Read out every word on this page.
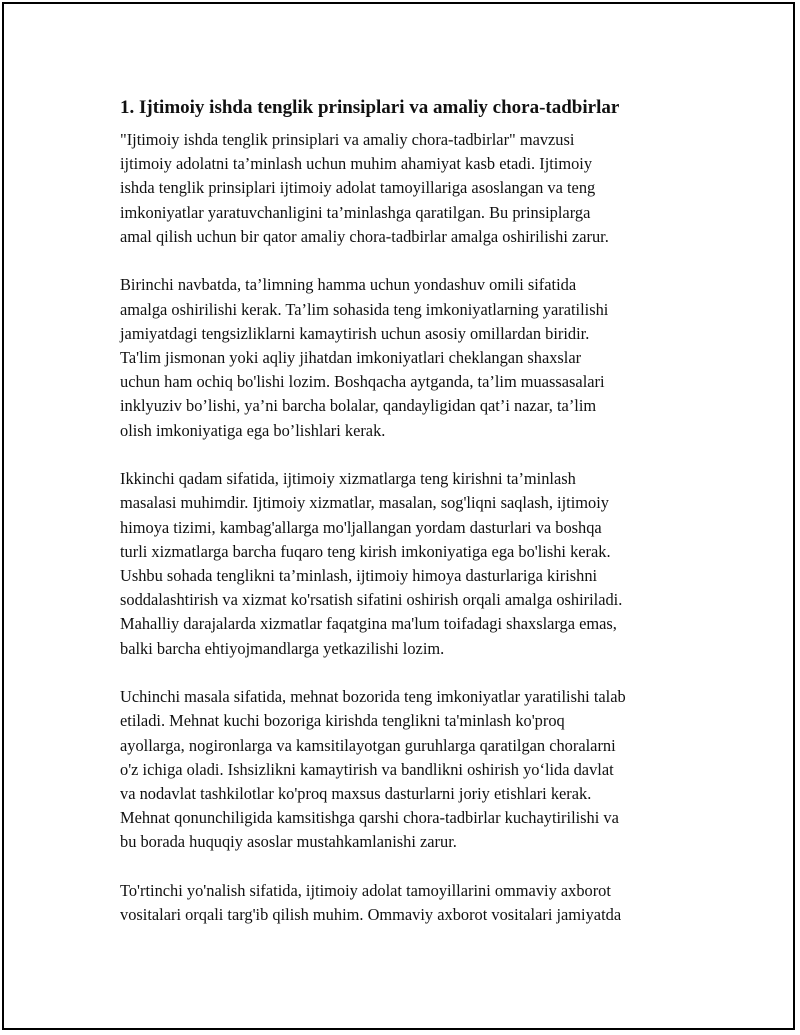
1. Ijtimoiy ishda tenglik prinsiplari va amaliy chora-tadbirlar

"Ijtimoiy ishda tenglik prinsiplari va amaliy chora-tadbirlar" mavzusi
ijtimoiy adolatni ta’minlash uchun muhim ahamiyat kasb etadi. Ijtimoiy
ishda tenglik prinsiplari ijtimoiy adolat tamoyillariga asoslangan va teng
imkoniyatlar yaratuvchanligini ta’minlashga qaratilgan. Bu prinsiplarga
amal qilish uchun bir qator amaliy chora-tadbirlar amalga oshirilishi zarur.

Birinchi navbatda, ta’limning hamma uchun yondashuv omili sifatida
amalga oshirilishi kerak. Ta’lim sohasida teng imkoniyatlarning yaratilishi
jamiyatdagi tengsizliklarni kamaytirish uchun asosiy omillardan biridir.
Ta'lim jismonan yoki aqliy jihatdan imkoniyatlari cheklangan shaxslar
uchun ham ochiq bo'lishi lozim. Boshqacha aytganda, ta’lim muassasalari
inklyuziv bo’lishi, ya’ni barcha bolalar, qandayligidan qat’i nazar, ta’lim
olish imkoniyatiga ega bo’lishlari kerak.

Ikkinchi qadam sifatida, ijtimoiy xizmatlarga teng kirishni ta’minlash
masalasi muhimdir. Ijtimoiy xizmatlar, masalan, sog'liqni saqlash, ijtimoiy
himoya tizimi, kambag'allarga mo'ljallangan yordam dasturlari va boshqa
turli xizmatlarga barcha fuqaro teng kirish imkoniyatiga ega bo'lishi kerak.
Ushbu sohada tenglikni ta’minlash, ijtimoiy himoya dasturlariga kirishni
soddalashtirish va xizmat ko'rsatish sifatini oshirish orqali amalga oshiriladi.
Mahalliy darajalarda xizmatlar faqatgina ma'lum toifadagi shaxslarga emas,
balki barcha ehtiyojmandlarga yetkazilishi lozim.

Uchinchi masala sifatida, mehnat bozorida teng imkoniyatlar yaratilishi talab
etiladi. Mehnat kuchi bozoriga kirishda tenglikni ta'minlash ko'proq
ayollarga, nogironlarga va kamsitilayotgan guruhlarga qaratilgan choralarni
o'z ichiga oladi. Ishsizlikni kamaytirish va bandlikni oshirish yo‘lida davlat
va nodavlat tashkilotlar ko'proq maxsus dasturlarni joriy etishlari kerak.
Mehnat qonunchiligida kamsitishga qarshi chora-tadbirlar kuchaytirilishi va
bu borada huquqiy asoslar mustahkamlanishi zarur.

To'rtinchi yo'nalish sifatida, ijtimoiy adolat tamoyillarini ommaviy axborot
vositalari orqali targ'ib qilish muhim. Ommaviy axborot vositalari jamiyatda
